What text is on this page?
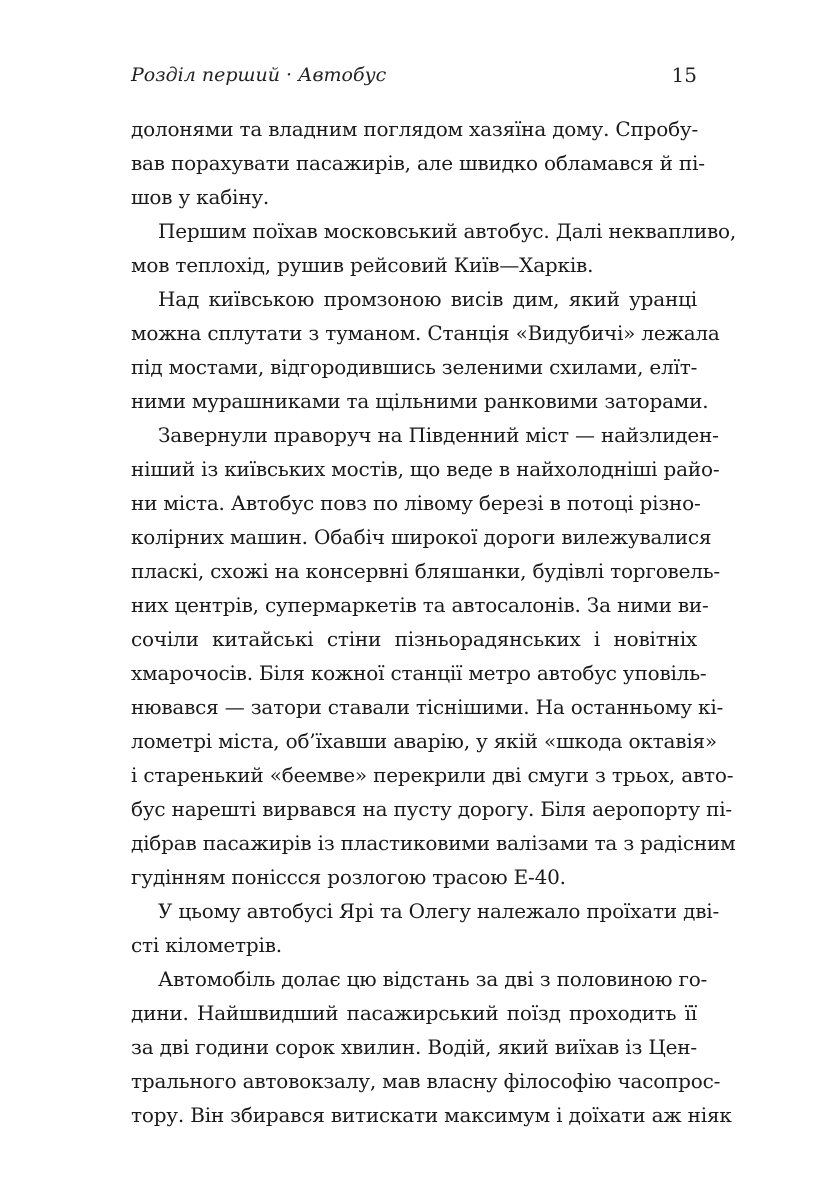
Розділ перший · Автобус	15
долонями та владним поглядом хазяїна дому. Спробу-
вав порахувати пасажирів, але швидко обламався й пі-
шов у кабіну.
Першим поїхав московський автобус. Далі неквапливо,
мов теплохід, рушив рейсовий Київ—Харків.
Над київською промзоною висів дим, який уранці
можна сплутати з туманом. Станція «Видубичі» лежала
під мостами, відгородившись зеленими схилами, елїт-
ними мурашниками та щільними ранковими заторами.
Завернули праворуч на Південний міст — найзлиден-
ніший із київських мостів, що веде в найхолодніші райо-
ни міста. Автобус повз по лівому березі в потоці різно-
колірних машин. Обабіч широкої дороги вилежувалися
пласкі, схожі на консервні бляшанки, будівлі торговель-
них центрів, супермаркетів та автосалонів. За ними ви-
сочіли китайські стіни пізньорадянських і новітніх
хмарочосів. Біля кожної станції метро автобус уповіль-
нювався — затори ставали тіснішими. На останньому кі-
лометрі міста, об’їхавши аварію, у якій «шкода октавія»
і старенький «беемве» перекрили дві смуги з трьох, авто-
бус нарешті вирвався на пусту дорогу. Біля аеропорту пі-
дібрав пасажирів із пластиковими валізами та з радісним
гудінням поніссся розлогою трасою Е-40.
У цьому автобусі Ярі та Олегу належало проїхати дві-
сті кілометрів.
Автомобіль долає цю відстань за дві з половиною го-
дини. Найшвидший пасажирський поїзд проходить її
за дві години сорок хвилин. Водій, який виїхав із Цен-
трального автовокзалу, мав власну філософію часопрос-
тору. Він збирався витискати максимум і доїхати аж ніяк
